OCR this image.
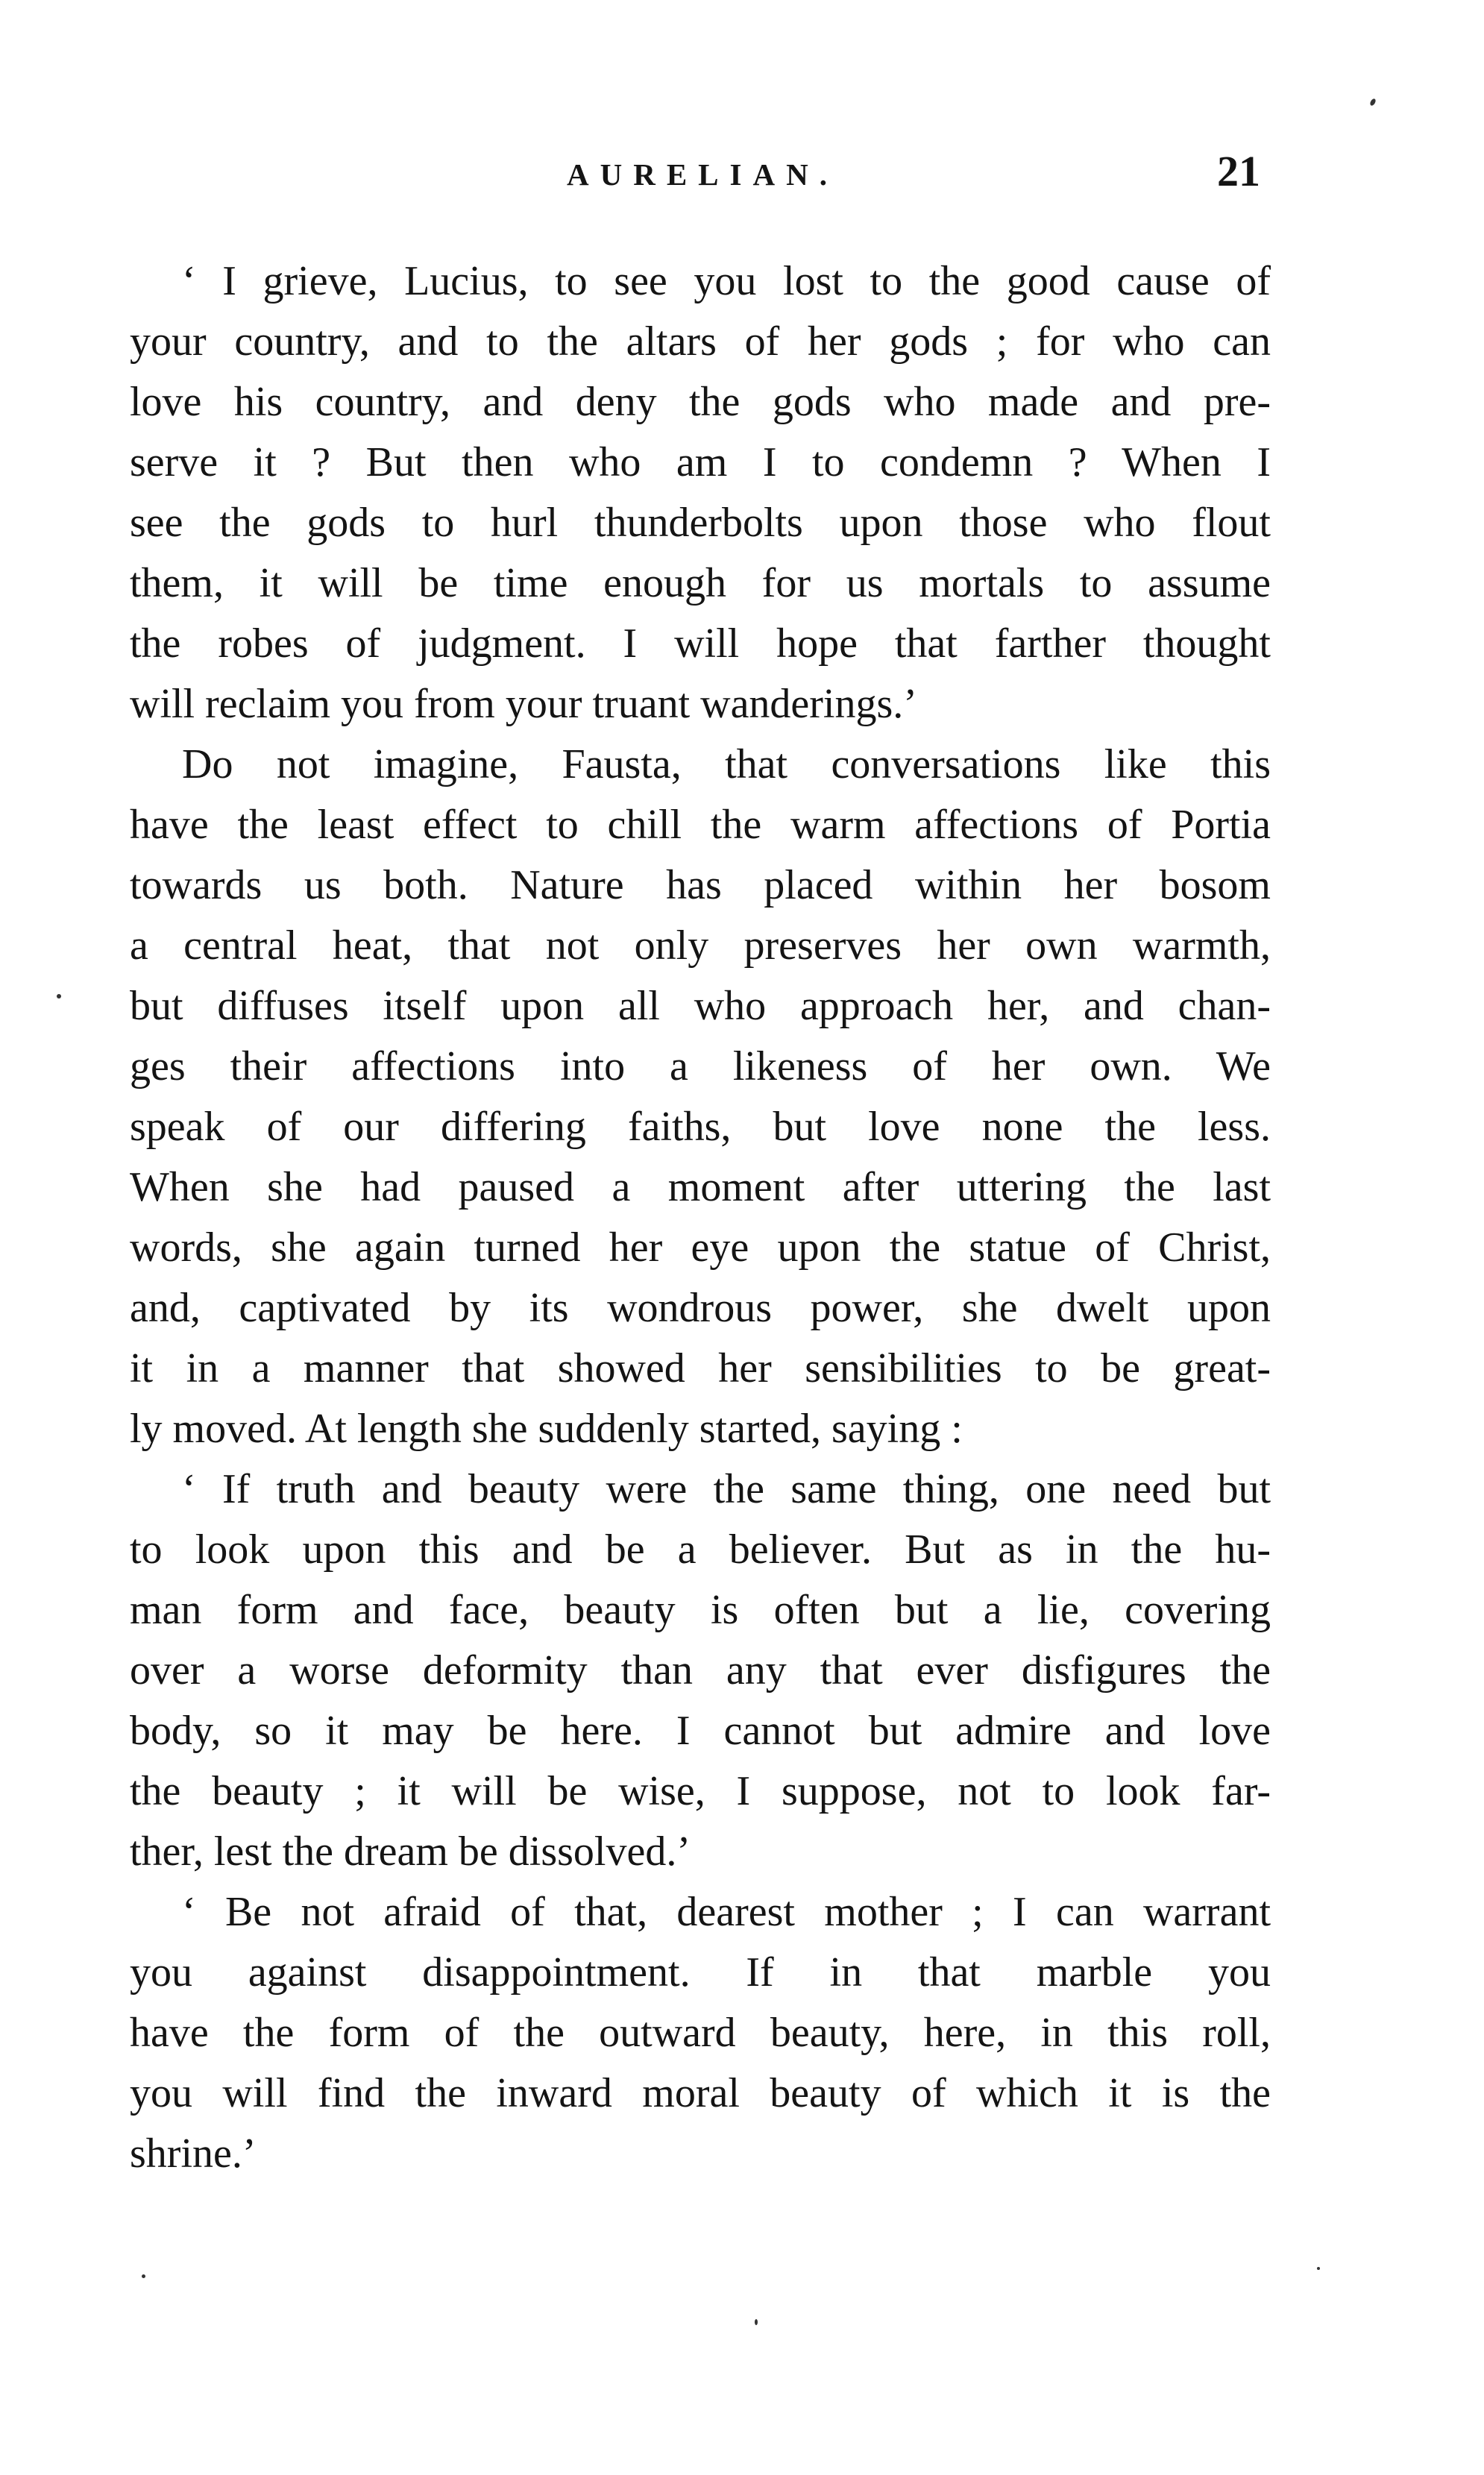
AURELIAN.	21
‘ I grieve, Lucius, to see you lost to the good cause of
your country, and to the altars of her gods ; for who can
love his country, and deny the gods who made and pre-
serve it ? But then who am I to condemn ? When I
see the gods to hurl thunderbolts upon those who flout
them, it will be time enough for us mortals to assume
the robes of judgment. I will hope that farther thought
will reclaim you from your truant wanderings.’
Do not imagine, Fausta, that conversations like this
have the least effect to chill the warm affections of Portia
towards us both. Nature has placed within her bosom
a central heat, that not only preserves her own warmth,
but diffuses itself upon all who approach her, and chan-
ges their affections into a likeness of her own. We
speak of our differing faiths, but love none the less.
When she had paused a moment after uttering the last
words, she again turned her eye upon the statue of Christ,
and, captivated by its wondrous power, she dwelt upon
it in a manner that showed her sensibilities to be great-
ly moved. At length she suddenly started, saying :
‘ If truth and beauty were the same thing, one need but
to look upon this and be a believer. But as in the hu-
man form and face, beauty is often but a lie, covering
over a worse deformity than any that ever disfigures the
body, so it may be here. I cannot but admire and love
the beauty ; it will be wise, I suppose, not to look far-
ther, lest the dream be dissolved.’
‘ Be not afraid of that, dearest mother ; I can warrant
you against disappointment. If in that marble you
have the form of the outward beauty, here, in this roll,
you will find the inward moral beauty of which it is the
shrine.’
